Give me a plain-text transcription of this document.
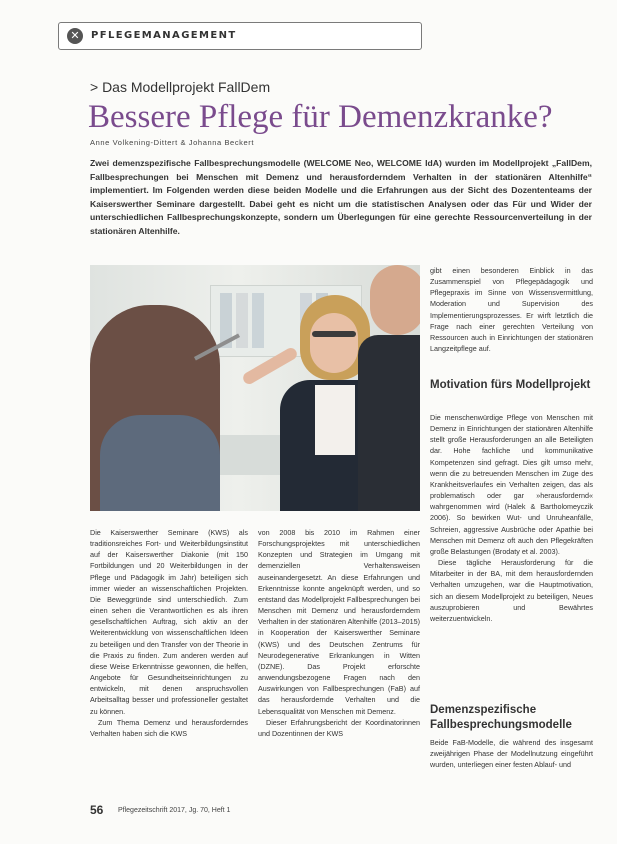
✕	PFLEGEMANAGEMENT
> Das Modellprojekt FallDem
Bessere Pflege für Demenzkranke?
Anne Volkening-Dittert & Johanna Beckert

Zwei demenzspezifische Fallbesprechungsmodelle (WELCOME Neo, WELCOME IdA) wurden im Modellprojekt „FallDem, Fallbesprechungen bei Menschen mit Demenz und herausforderndem Verhalten in der stationären Altenhilfe“ implementiert. Im Folgenden werden diese beiden Modelle und die Erfahrungen aus der Sicht des Dozententeams der Kaiserswerther Seminare dargestellt. Dabei geht es nicht um die statistischen Analysen oder das Für und Wider der unterschiedlichen Fallbesprechungskonzepte, sondern um Überlegungen für eine gerechte Ressourcenverteilung in der stationären Altenhilfe.

Die Kaiserswerther Seminare (KWS) als traditionsreiches Fort- und Weiterbildungsinstitut auf der Kaiserswerther Diakonie (mit 150 Fortbildungen und 20 Weiterbildungen in der Pflege und Pädagogik im Jahr) beteiligen sich immer wieder an wissenschaftlichen Projekten. Die Beweggründe sind unterschiedlich. Zum einen sehen die Verantwortlichen es als ihren gesellschaftlichen Auftrag, sich aktiv an der Weiterentwicklung von wissenschaftlichen Ideen zu beteiligen und den Transfer von der Theorie in die Praxis zu finden. Zum anderen werden auf diese Weise Erkenntnisse gewonnen, die helfen, Angebote für Gesundheitseinrichtungen zu entwickeln, mit denen anspruchsvollen Arbeitsalltag besser und professioneller gestaltet zu können.

Zum Thema Demenz und herausforderndes Verhalten haben sich die KWS

von 2008 bis 2010 im Rahmen einer Forschungsprojektes mit unterschiedlichen Konzepten und Strategien im Umgang mit demenziellen Verhaltensweisen auseinandergesetzt. An diese Erfahrungen und Erkenntnisse konnte angeknüpft werden, und so entstand das Modellprojekt Fallbesprechungen bei Menschen mit Demenz und herausforderndem Verhalten in der stationären Altenhilfe (2013–2015) in Kooperation der Kaiserswerther Seminare (KWS) und des Deutschen Zentrums für Neurodegenerative Erkrankungen in Witten (DZNE). Das Projekt erforschte anwendungsbezogene Fragen nach den Auswirkungen von Fallbesprechungen (FaB) auf das herausfordernde Verhalten und die Lebensqualität von Menschen mit Demenz.

Dieser Erfahrungsbericht der Koordinatorinnen und Dozentinnen der KWS

gibt einen besonderen Einblick in das Zusammenspiel von Pflegepädagogik und Pflegepraxis im Sinne von Wissensvermittlung, Moderation und Supervision des Implementierungsprozesses. Er wirft letztlich die Frage nach einer gerechten Verteilung von Ressourcen auch in Einrichtungen der stationären Langzeitpflege auf.
Motivation fürs Modellprojekt

Die menschenwürdige Pflege von Menschen mit Demenz in Einrichtungen der stationären Altenhilfe stellt große Herausforderungen an alle Beteiligten dar. Hohe fachliche und kommunikative Kompetenzen sind gefragt. Dies gilt umso mehr, wenn die zu betreuenden Menschen im Zuge des Krankheitsverlaufes ein Verhalten zeigen, das als problematisch oder gar »herausfordernd« wahrgenommen wird (Halek & Bartholomeyczik 2006). So bewirken Wut- und Unruheanfälle, Schreien, aggressive Ausbrüche oder Apathie bei Menschen mit Demenz oft auch den Pflegekräften große Belastungen (Brodaty et al. 2003).

Diese tägliche Herausforderung für die Mitarbeiter in der BA, mit dem herausfordernden Verhalten umzugehen, war die Hauptmotivation, sich an diesem Modellprojekt zu beteiligen, Neues auszuprobieren und Bewährtes weiterzuentwickeln.

Demenzspezifische Fallbesprechungsmodelle
Beide FaB-Modelle, die während des insgesamt zweijährigen Phase der Modellnutzung eingeführt wurden, unterliegen einer festen Ablauf- und
56 Pflegezeitschrift 2017, Jg. 70, Heft 1
